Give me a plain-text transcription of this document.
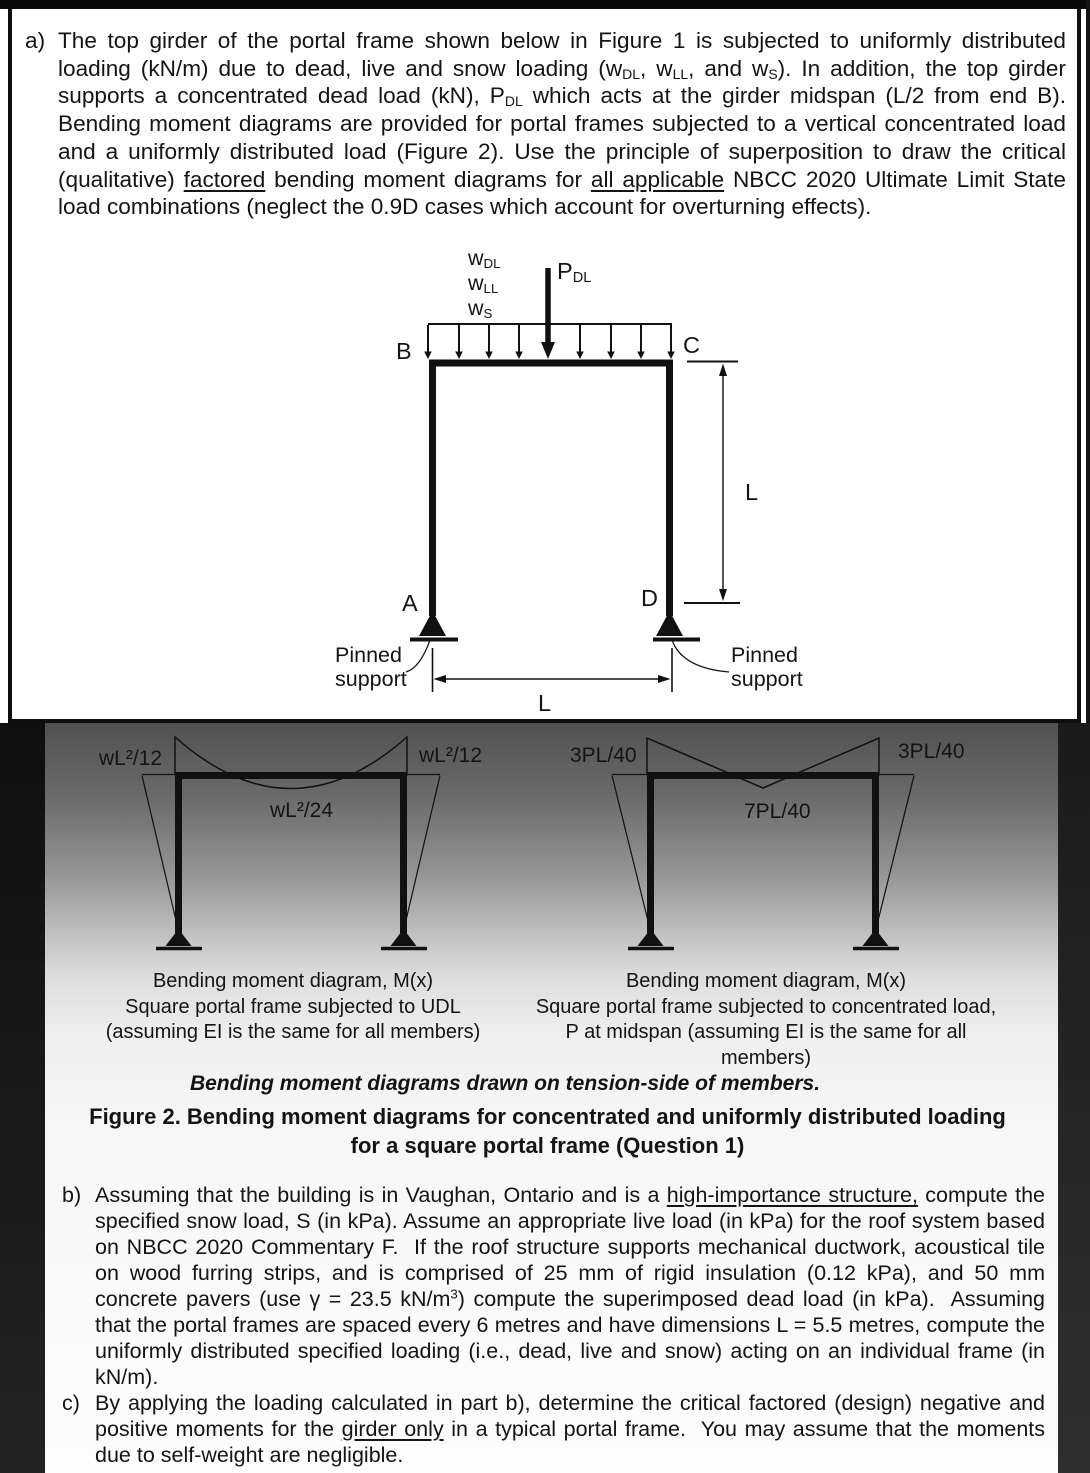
a) The top girder of the portal frame shown below in Figure 1 is subjected to uniformly distributed loading (kN/m) due to dead, live and snow loading ($w_{DL}$, $w_{LL}$, and $w_S$). In addition, the top girder supports a concentrated dead load (kN), $P_{DL}$ which acts at the girder midspan (L/2 from end B). Bending moment diagrams are provided for portal frames subjected to a vertical concentrated load and a uniformly distributed load (Figure 2). Use the principle of superposition to draw the critical (qualitative) factored bending moment diagrams for all applicable NBCC 2020 Ultimate Limit State load combinations (neglect the 0.9D cases which account for overturning effects).
$w_{DL}$
$w_{LL}$
$w_S$
$P_{DL}$
B	C
A	D
L
L
Pinned support
Pinned support
wL²/12	wL²/12
wL²/24
3PL/40	3PL/40
7PL/40
Bending moment diagram, M(x)
Square portal frame subjected to UDL
(assuming EI is the same for all members)
Bending moment diagram, M(x)
Square portal frame subjected to concentrated load,
P at midspan (assuming EI is the same for all
members)
Bending moment diagrams drawn on tension-side of members.
Figure 2. Bending moment diagrams for concentrated and uniformly distributed loading
for a square portal frame (Question 1)
b) Assuming that the building is in Vaughan, Ontario and is a high-importance structure, compute the specified snow load, S (in kPa). Assume an appropriate live load (in kPa) for the roof system based on NBCC 2020 Commentary F.  If the roof structure supports mechanical ductwork, acoustical tile on wood furring strips, and is comprised of 25 mm of rigid insulation (0.12 kPa), and 50 mm concrete pavers (use γ = 23.5 $kN/m^3$) compute the superimposed dead load (in kPa).  Assuming that the portal frames are spaced every 6 metres and have dimensions L = 5.5 metres, compute the uniformly distributed specified loading (i.e., dead, live and snow) acting on an individual frame (in kN/m).
c) By applying the loading calculated in part b), determine the critical factored (design) negative and positive moments for the girder only in a typical portal frame.  You may assume that the moments due to self-weight are negligible.
